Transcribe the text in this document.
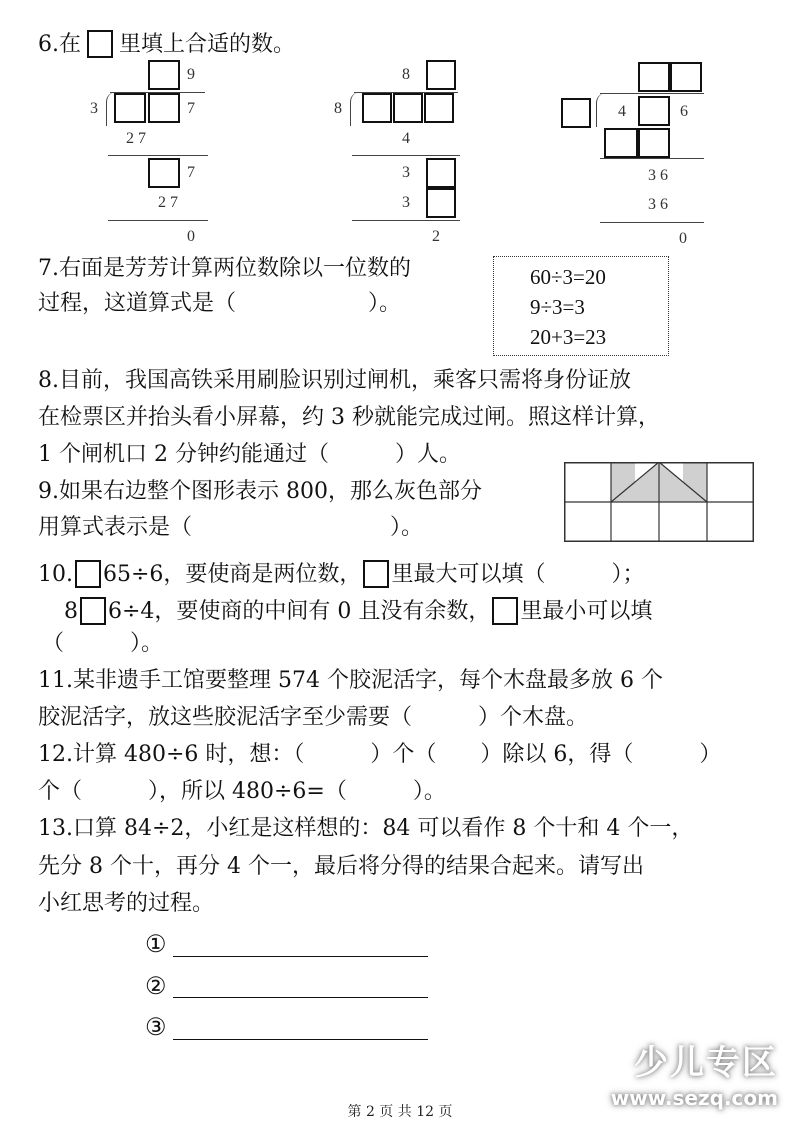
6.在 里填上合适的数。
9
3	7
2 7
7
2 7
0
8
8
4
3
3
2
4	6
3 6
3 6
0
7.右面是芳芳计算两位数除以一位数的
过程，这道算式是（　　　　　　）。
60÷3=20
9÷3=3
20+3=23
8.目前，我国高铁采用刷脸识别过闸机，乘客只需将身份证放
在检票区并抬头看小屏幕，约 3 秒就能完成过闸。照这样计算，
1 个闸机口 2 分钟约能通过（　　　）人。
9.如果右边整个图形表示 800，那么灰色部分
用算式表示是（　　　　　　　　　）。
10. 65÷6，要使商是两位数， 里最大可以填（　　　）；
8 6÷4，要使商的中间有 0 且没有余数， 里最小可以填
（　　　）。
11.某非遗手工馆要整理 574 个胶泥活字，每个木盘最多放 6 个
胶泥活字，放这些胶泥活字至少需要（　　　）个木盘。
12.计算 480÷6 时，想：（　　　）个（　　）除以 6，得（　　　）
个（　　　），所以 480÷6=（　　　）。
13.口算 84÷2，小红是这样想的：84 可以看作 8 个十和 4 个一，
先分 8 个十，再分 4 个一，最后将分得的结果合起来。请写出
小红思考的过程。
①
②
③
少儿专区
www.sezq.com
第 2 页 共 12 页
